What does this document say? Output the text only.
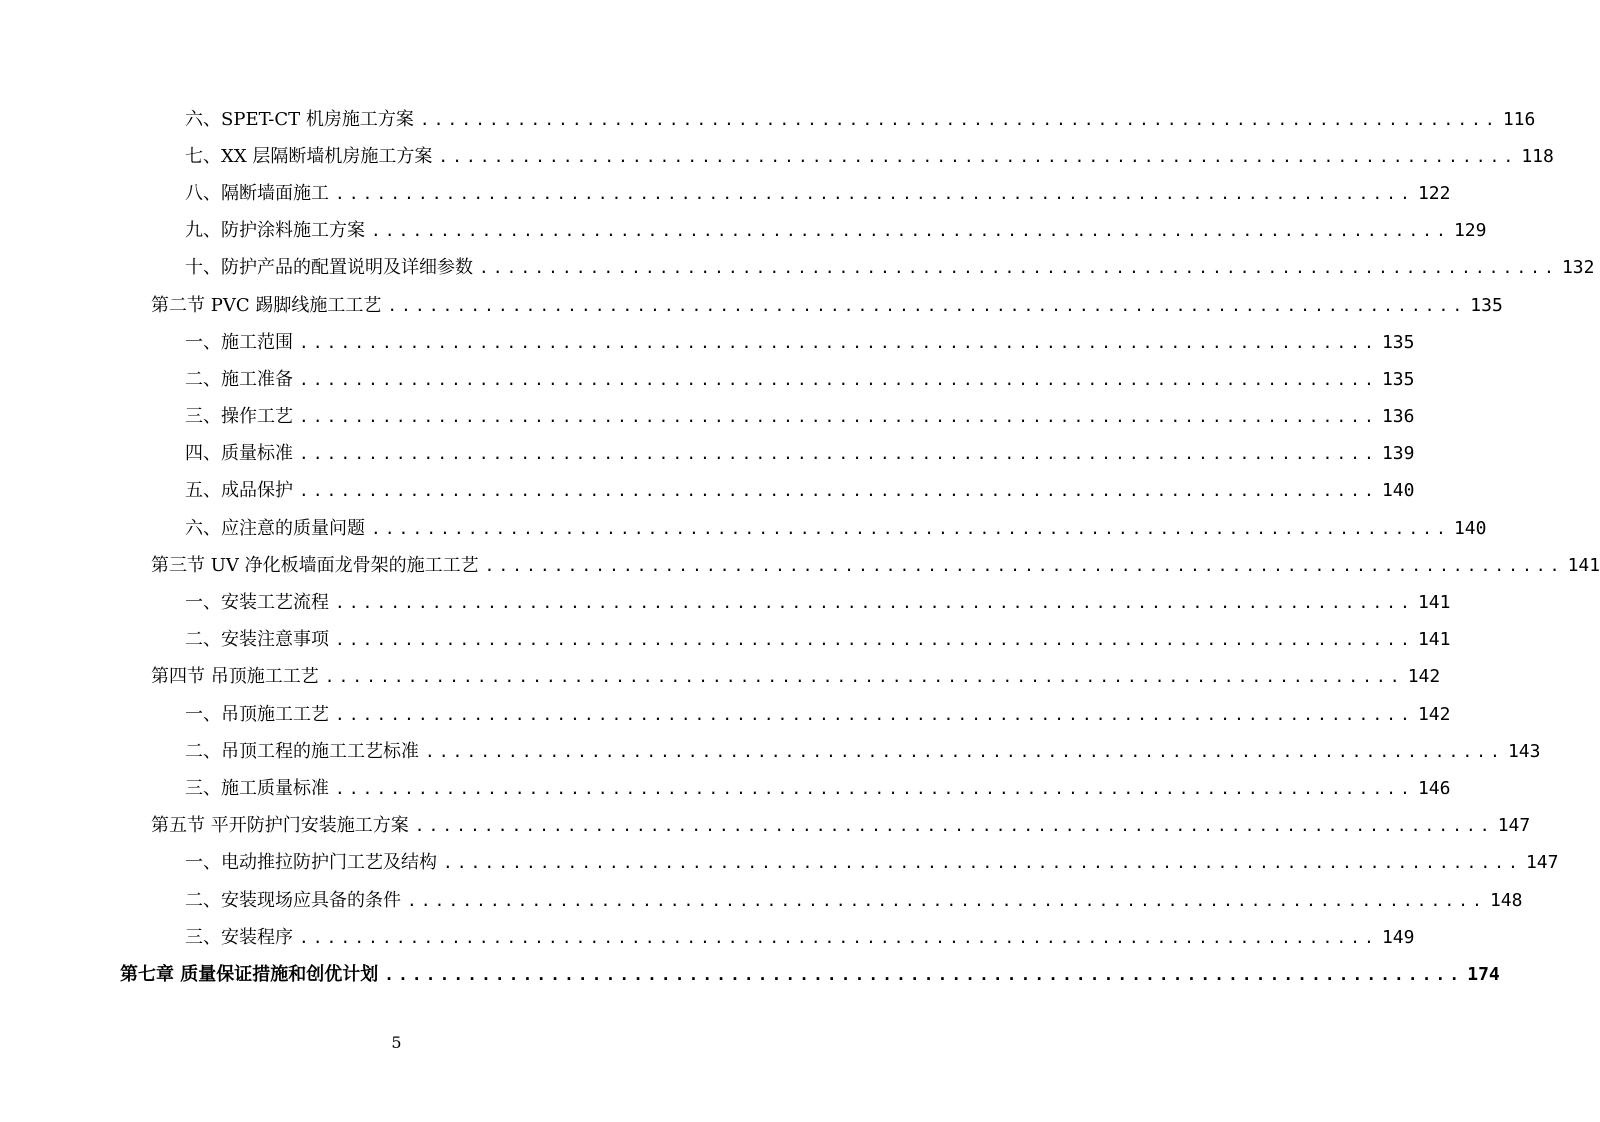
六、SPET-CT 机房施工方案 .............................................................................. 116
七、XX 层隔断墙机房施工方案 .............................................................................. 118
八、隔断墙面施工 .............................................................................. 122
九、防护涂料施工方案 .............................................................................. 129
十、防护产品的配置说明及详细参数 .............................................................................. 132
第二节 PVC 踢脚线施工工艺 .............................................................................. 135
一、施工范围 .............................................................................. 135
二、施工准备 .............................................................................. 135
三、操作工艺 .............................................................................. 136
四、质量标准 .............................................................................. 139
五、成品保护 .............................................................................. 140
六、应注意的质量问题 .............................................................................. 140
第三节 UV 净化板墙面龙骨架的施工工艺 .............................................................................. 141
一、安装工艺流程 .............................................................................. 141
二、安装注意事项 .............................................................................. 141
第四节 吊顶施工工艺 .............................................................................. 142
一、吊顶施工工艺 .............................................................................. 142
二、吊顶工程的施工工艺标准 .............................................................................. 143
三、施工质量标准 .............................................................................. 146
第五节 平开防护门安装施工方案 .............................................................................. 147
一、电动推拉防护门工艺及结构 .............................................................................. 147
二、安装现场应具备的条件 .............................................................................. 148
三、安装程序 .............................................................................. 149
第七章 质量保证措施和创优计划 .............................................................................. 174
5
